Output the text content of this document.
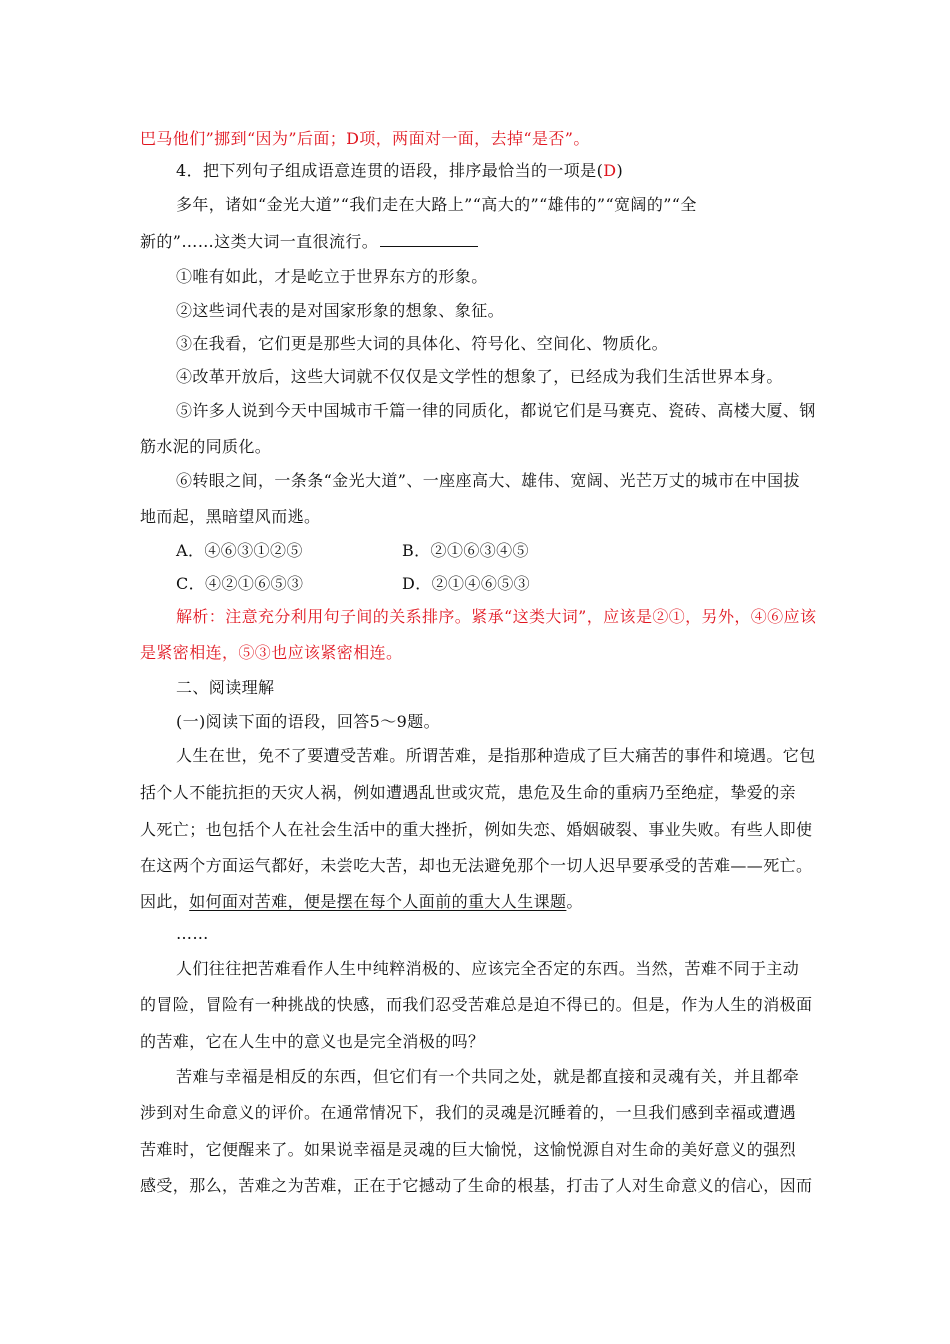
巴马他们”挪到“因为”后面；D项，两面对一面，去掉“是否”。
4．把下列句子组成语意连贯的语段，排序最恰当的一项是(D)
多年，诸如“金光大道”“我们走在大路上”“高大的”“雄伟的”“宽阔的”“全
新的”……这类大词一直很流行。
①唯有如此，才是屹立于世界东方的形象。
②这些词代表的是对国家形象的想象、象征。
③在我看，它们更是那些大词的具体化、符号化、空间化、物质化。
④改革开放后，这些大词就不仅仅是文学性的想象了，已经成为我们生活世界本身。
⑤许多人说到今天中国城市千篇一律的同质化，都说它们是马赛克、瓷砖、高楼大厦、钢
筋水泥的同质化。
⑥转眼之间，一条条“金光大道”、一座座高大、雄伟、宽阔、光芒万丈的城市在中国拔
地而起，黑暗望风而逃。
A．④⑥③①②⑤	B．②①⑥③④⑤
C．④②①⑥⑤③	D．②①④⑥⑤③
解析：注意充分利用句子间的关系排序。紧承“这类大词”，应该是②①，另外，④⑥应该
是紧密相连，⑤③也应该紧密相连。
二、阅读理解
(一)阅读下面的语段，回答5～9题。
人生在世，免不了要遭受苦难。所谓苦难，是指那种造成了巨大痛苦的事件和境遇。它包
括个人不能抗拒的天灾人祸，例如遭遇乱世或灾荒，患危及生命的重病乃至绝症，挚爱的亲
人死亡；也包括个人在社会生活中的重大挫折，例如失恋、婚姻破裂、事业失败。有些人即使
在这两个方面运气都好，未尝吃大苦，却也无法避免那个一切人迟早要承受的苦难——死亡。
因此，如何面对苦难，便是摆在每个人面前的重大人生课题。
……
人们往往把苦难看作人生中纯粹消极的、应该完全否定的东西。当然，苦难不同于主动
的冒险，冒险有一种挑战的快感，而我们忍受苦难总是迫不得已的。但是，作为人生的消极面
的苦难，它在人生中的意义也是完全消极的吗？
苦难与幸福是相反的东西，但它们有一个共同之处，就是都直接和灵魂有关，并且都牵
涉到对生命意义的评价。在通常情况下，我们的灵魂是沉睡着的，一旦我们感到幸福或遭遇
苦难时，它便醒来了。如果说幸福是灵魂的巨大愉悦，这愉悦源自对生命的美好意义的强烈
感受，那么，苦难之为苦难，正在于它撼动了生命的根基，打击了人对生命意义的信心，因而
